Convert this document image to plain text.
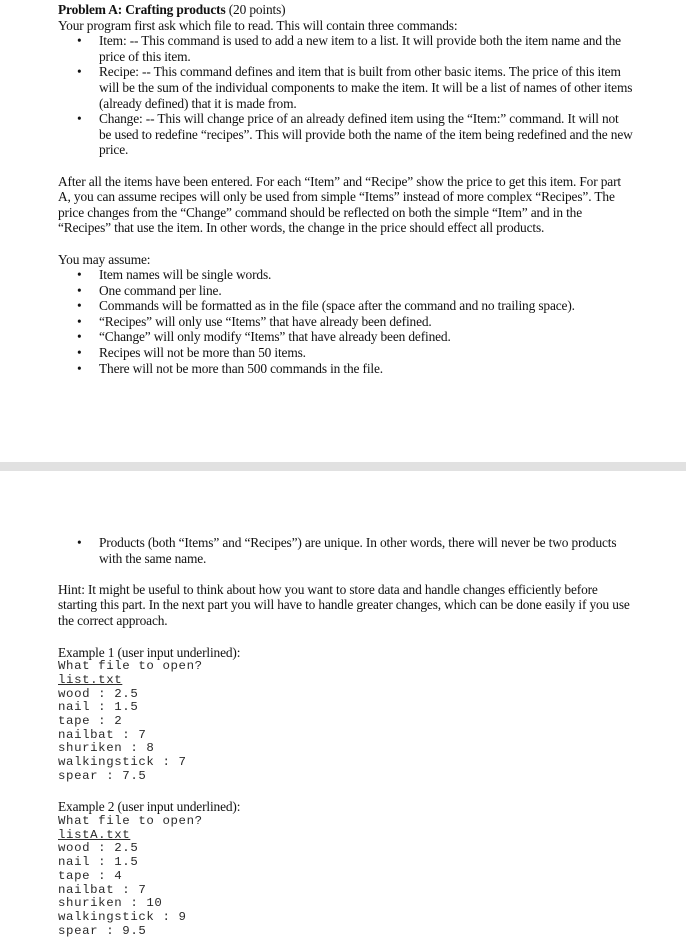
Problem A: Crafting products (20 points)

Your program first ask which file to read. This will contain three commands:

• Item: -- This command is used to add a new item to a list. It will provide both the item name and the price of this item.
• Recipe: -- This command defines and item that is built from other basic items. The price of this item will be the sum of the individual components to make the item. It will be a list of names of other items (already defined) that it is made from.
• Change: -- This will change price of an already defined item using the “Item:” command. It will not be used to redefine “recipes”. This will provide both the name of the item being redefined and the new price.

After all the items have been entered. For each “Item” and “Recipe” show the price to get this item. For part A, you can assume recipes will only be used from simple “Items” instead of more complex “Recipes”. The price changes from the “Change” command should be reflected on both the simple “Item” and in the “Recipes” that use the item. In other words, the change in the price should effect all products.

You may assume:

• Item names will be single words.
• One command per line.
• Commands will be formatted as in the file (space after the command and no trailing space).
• “Recipes” will only use “Items” that have already been defined.
• “Change” will only modify “Items” that have already been defined.
• Recipes will not be more than 50 items.
• There will not be more than 500 commands in the file.
• Products (both “Items” and “Recipes”) are unique. In other words, there will never be two products with the same name.

Hint: It might be useful to think about how you want to store data and handle changes efficiently before starting this part. In the next part you will have to handle greater changes, which can be done easily if you use the correct approach.

Example 1 (user input underlined):

What file to open?
list.txt
wood : 2.5
nail : 1.5
tape : 2
nailbat : 7
shuriken : 8
walkingstick : 7
spear : 7.5

Example 2 (user input underlined):

What file to open?
listA.txt
wood : 2.5
nail : 1.5
tape : 4
nailbat : 7
shuriken : 10
walkingstick : 9
spear : 9.5
